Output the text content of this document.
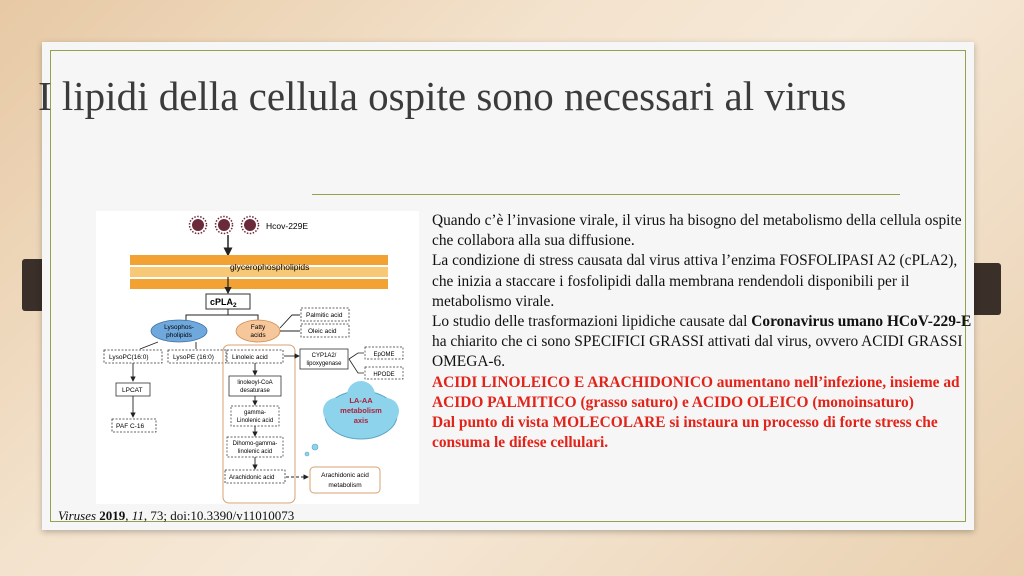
I lipidi della cellula ospite sono necessari al virus
Hcov-229E
glycerophospholipids
cPLA$_2$
Lysophos-
pholipids
Fatty
acids
Palmitic acid
Oleic acid
LysoPC(16:0)	LysoPE (16:0)
LPCAT
PAF C-16
Linoleic acid	CYP1A2/
lipoxygenase
EpOME
HPODE
linoleoyl-CoA
desaturase
gamma-
Linolenic acid
Dihomo-gamma-
linolenic acid
Arachidonic acid	Arachidonic acid
metabolism
LA-AA
metabolism
axis
Viruses 2019, 11, 73; doi:10.3390/v11010073

Quando c’è l’invasione virale, il virus ha bisogno del metabolismo della cellula ospite che collabora alla sua diffusione.

La condizione di stress causata dal virus attiva l’enzima FOSFOLIPASI A2 (cPLA2), che inizia a staccare i fosfolipidi dalla membrana rendendoli disponibili per il metabolismo virale.

Lo studio delle trasformazioni lipidiche causate dal Coronavirus umano HCoV-229-E ha chiarito che ci sono SPECIFICI GRASSI attivati dal virus, ovvero ACIDI GRASSI OMEGA-6.

ACIDI LINOLEICO E ARACHIDONICO aumentano nell’infezione, insieme ad ACIDO PALMITICO (grasso saturo) e ACIDO OLEICO (monoinsaturo)

Dal punto di vista MOLECOLARE si instaura un processo di forte stress che consuma le difese cellulari.
